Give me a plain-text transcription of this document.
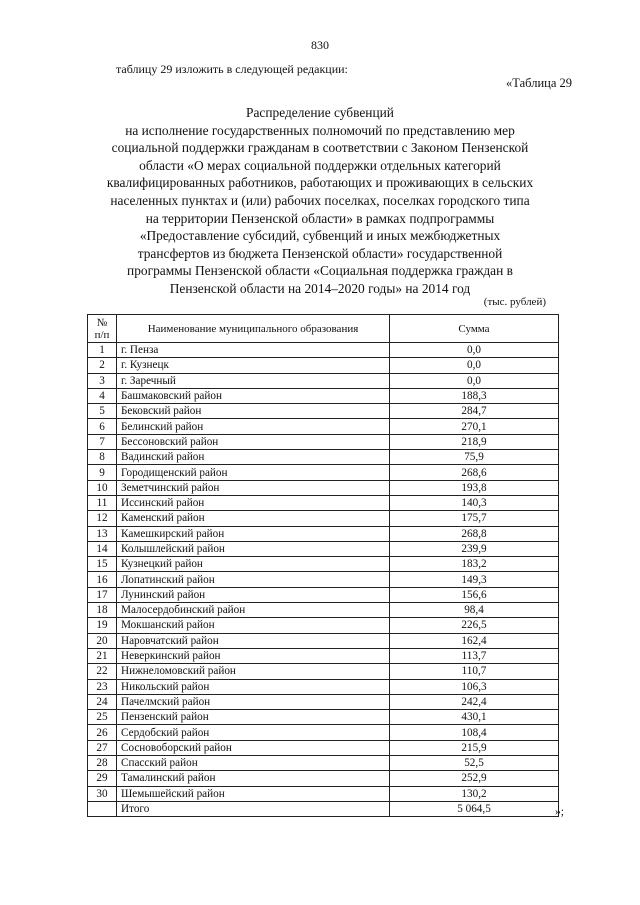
830
таблицу 29 изложить в следующей редакции:
«Таблица 29
Распределение субвенций
на исполнение государственных полномочий по представлению мер
социальной поддержки гражданам в соответствии с Законом Пензенской
области «О мерах социальной поддержки отдельных категорий
квалифицированных работников, работающих и проживающих в сельских
населенных пунктах и (или) рабочих поселках, поселках городского типа
на территории Пензенской области» в рамках подпрограммы
«Предоставление субсидий, субвенций и иных межбюджетных
трансфертов из бюджета Пензенской области» государственной
программы Пензенской области «Социальная поддержка граждан в
Пензенской области на 2014–2020 годы» на 2014 год
(тыс. рублей)
№
п/п	Наименование муниципального образования	Сумма
1	г. Пенза	0,0
2	г. Кузнецк	0,0
3	г. Заречный	0,0
4	Башмаковский район	188,3
5	Бековский район	284,7
6	Белинский район	270,1
7	Бессоновский район	218,9
8	Вадинский район	75,9
9	Городищенский район	268,6
10	Земетчинский район	193,8
11	Иссинский район	140,3
12	Каменский район	175,7
13	Камешкирский район	268,8
14	Колышлейский район	239,9
15	Кузнецкий район	183,2
16	Лопатинский район	149,3
17	Лунинский район	156,6
18	Малосердобинский район	98,4
19	Мокшанский район	226,5
20	Наровчатский район	162,4
21	Неверкинский район	113,7
22	Нижнеломовский район	110,7
23	Никольский район	106,3
24	Пачелмский район	242,4
25	Пензенский район	430,1
26	Сердобский район	108,4
27	Сосновоборский район	215,9
28	Спасский район	52,5
29	Тамалинский район	252,9
30	Шемышейский район	130,2
	Итого	5 064,5	»;
